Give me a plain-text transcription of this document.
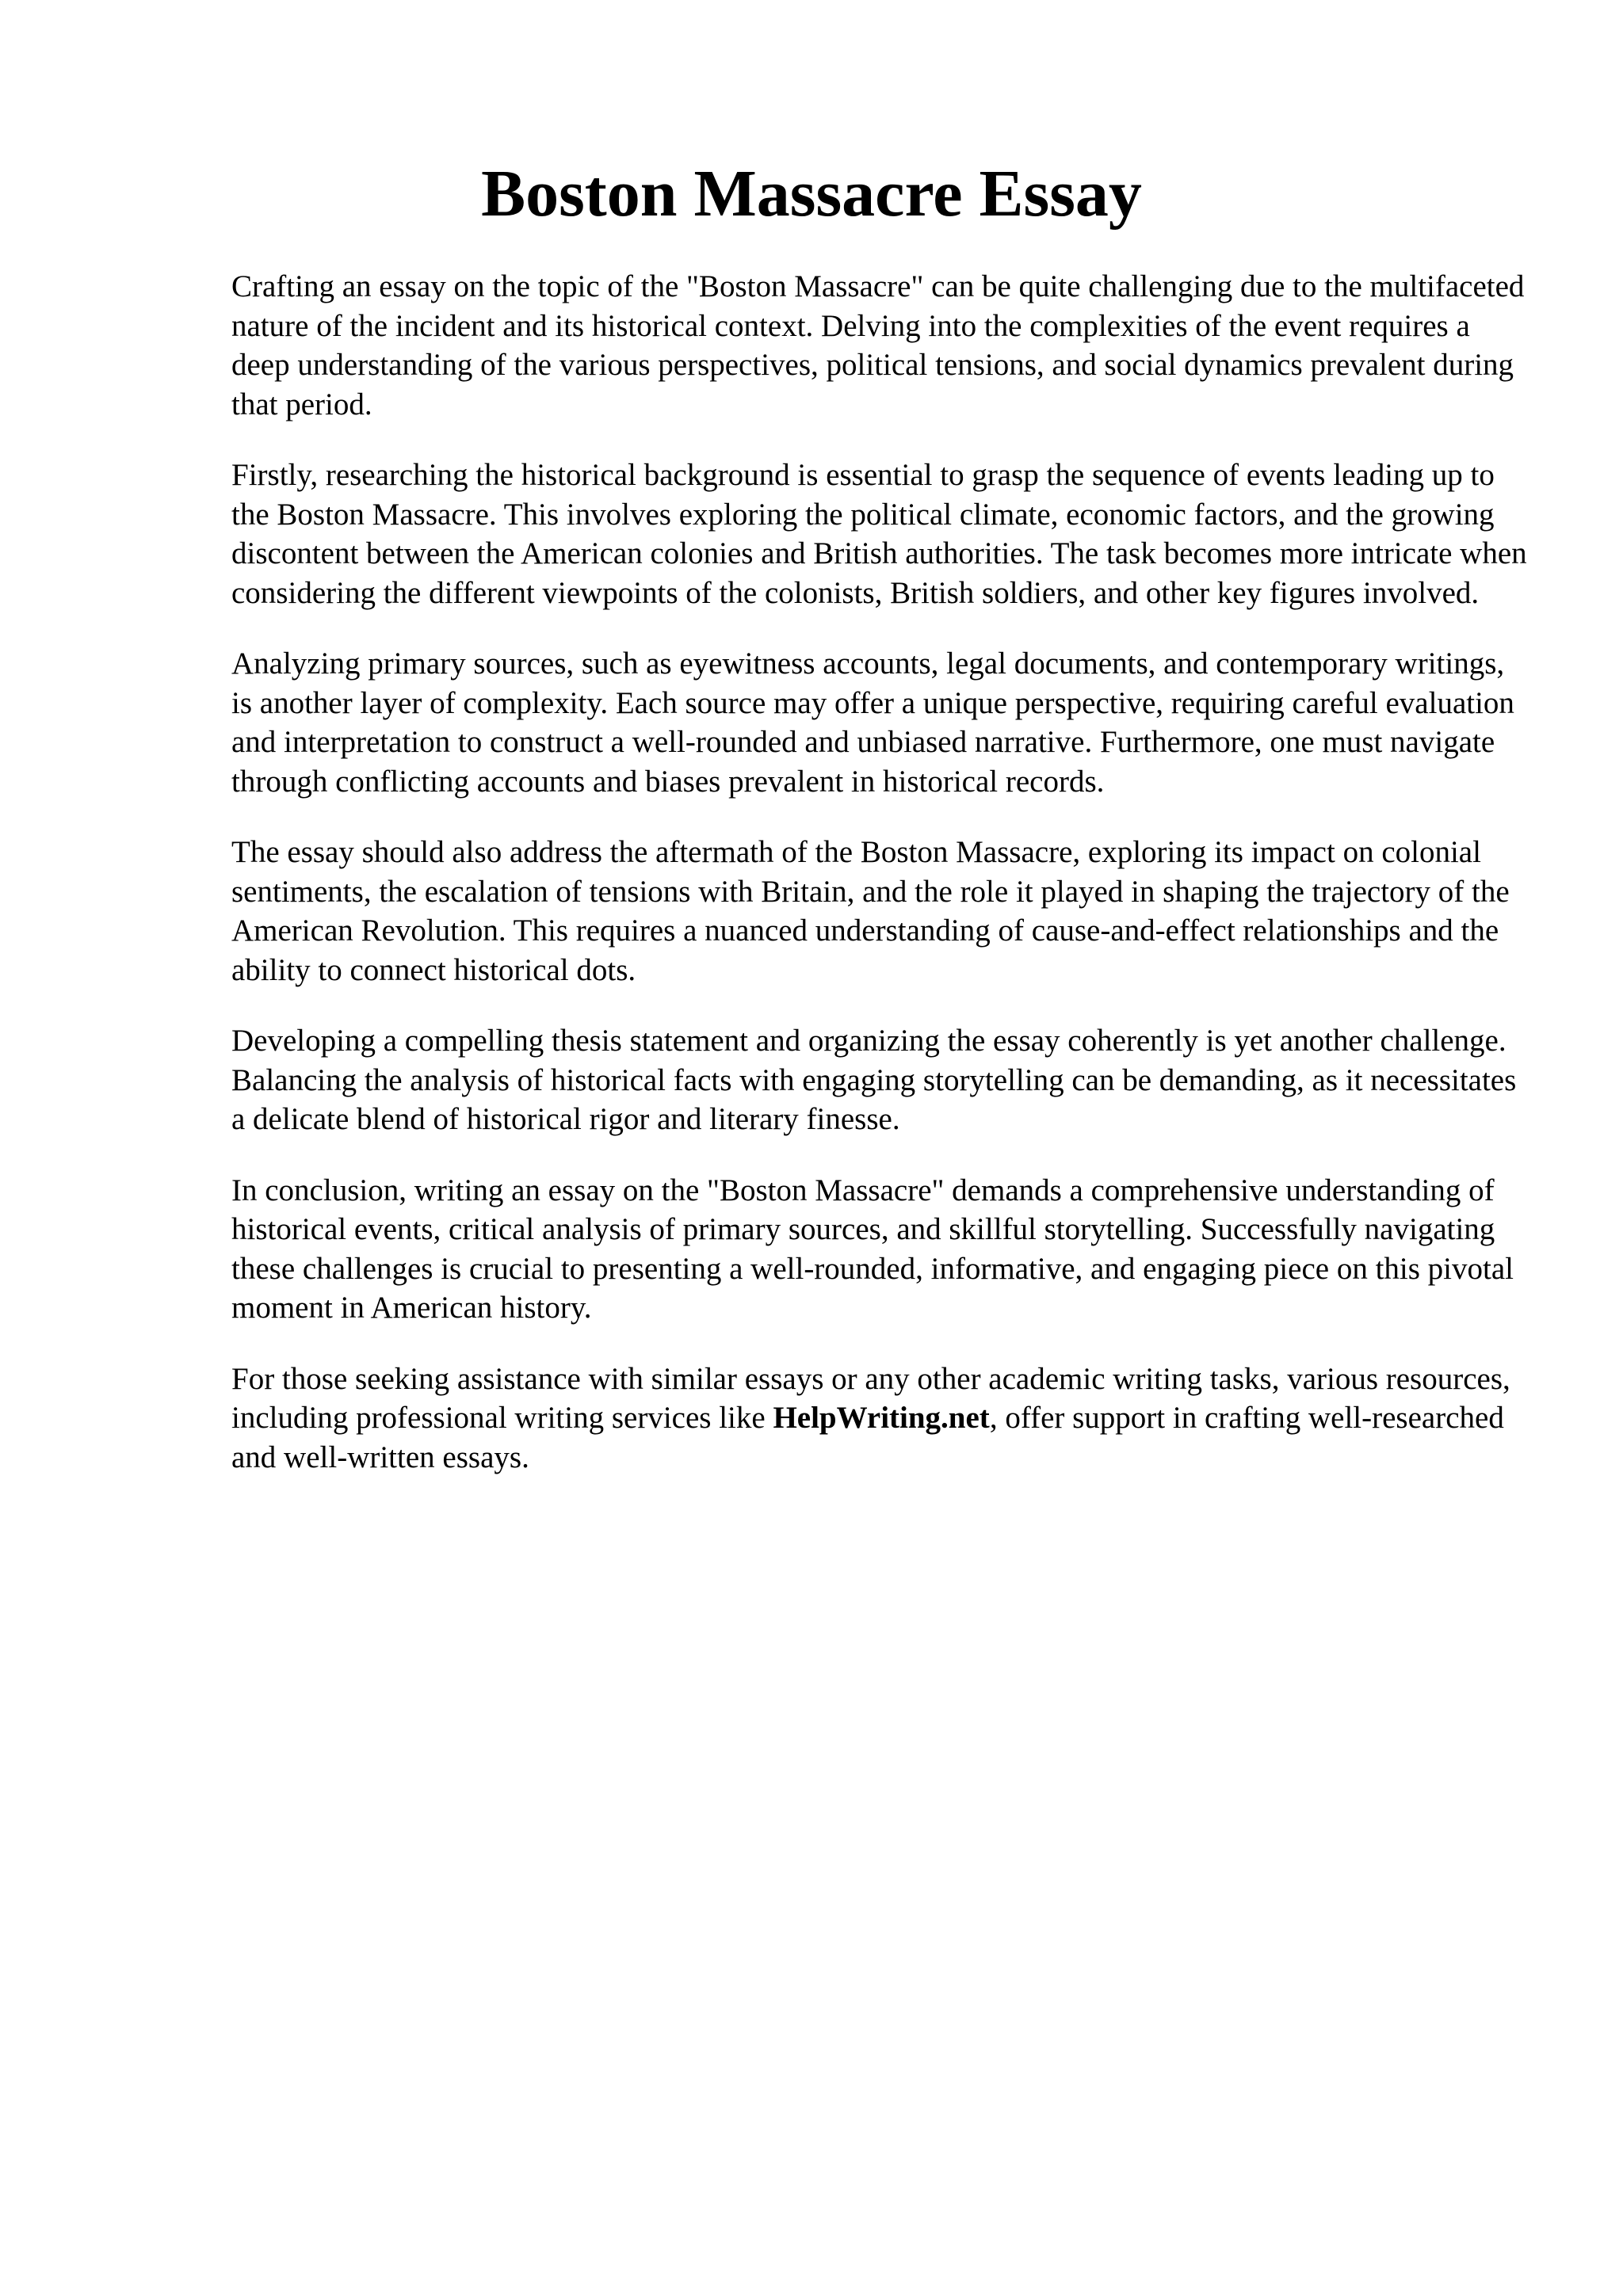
Boston Massacre Essay

Crafting an essay on the topic of the "Boston Massacre" can be quite challenging due to the multifaceted nature of the incident and its historical context. Delving into the complexities of the event requires a deep understanding of the various perspectives, political tensions, and social dynamics prevalent during that period.

Firstly, researching the historical background is essential to grasp the sequence of events leading up to the Boston Massacre. This involves exploring the political climate, economic factors, and the growing discontent between the American colonies and British authorities. The task becomes more intricate when considering the different viewpoints of the colonists, British soldiers, and other key figures involved.

Analyzing primary sources, such as eyewitness accounts, legal documents, and contemporary writings, is another layer of complexity. Each source may offer a unique perspective, requiring careful evaluation and interpretation to construct a well-rounded and unbiased narrative. Furthermore, one must navigate through conflicting accounts and biases prevalent in historical records.

The essay should also address the aftermath of the Boston Massacre, exploring its impact on colonial sentiments, the escalation of tensions with Britain, and the role it played in shaping the trajectory of the American Revolution. This requires a nuanced understanding of cause-and-effect relationships and the ability to connect historical dots.

Developing a compelling thesis statement and organizing the essay coherently is yet another challenge. Balancing the analysis of historical facts with engaging storytelling can be demanding, as it necessitates a delicate blend of historical rigor and literary finesse.

In conclusion, writing an essay on the "Boston Massacre" demands a comprehensive understanding of historical events, critical analysis of primary sources, and skillful storytelling. Successfully navigating these challenges is crucial to presenting a well-rounded, informative, and engaging piece on this pivotal moment in American history.

For those seeking assistance with similar essays or any other academic writing tasks, various resources, including professional writing services like HelpWriting.net, offer support in crafting well-researched and well-written essays.
